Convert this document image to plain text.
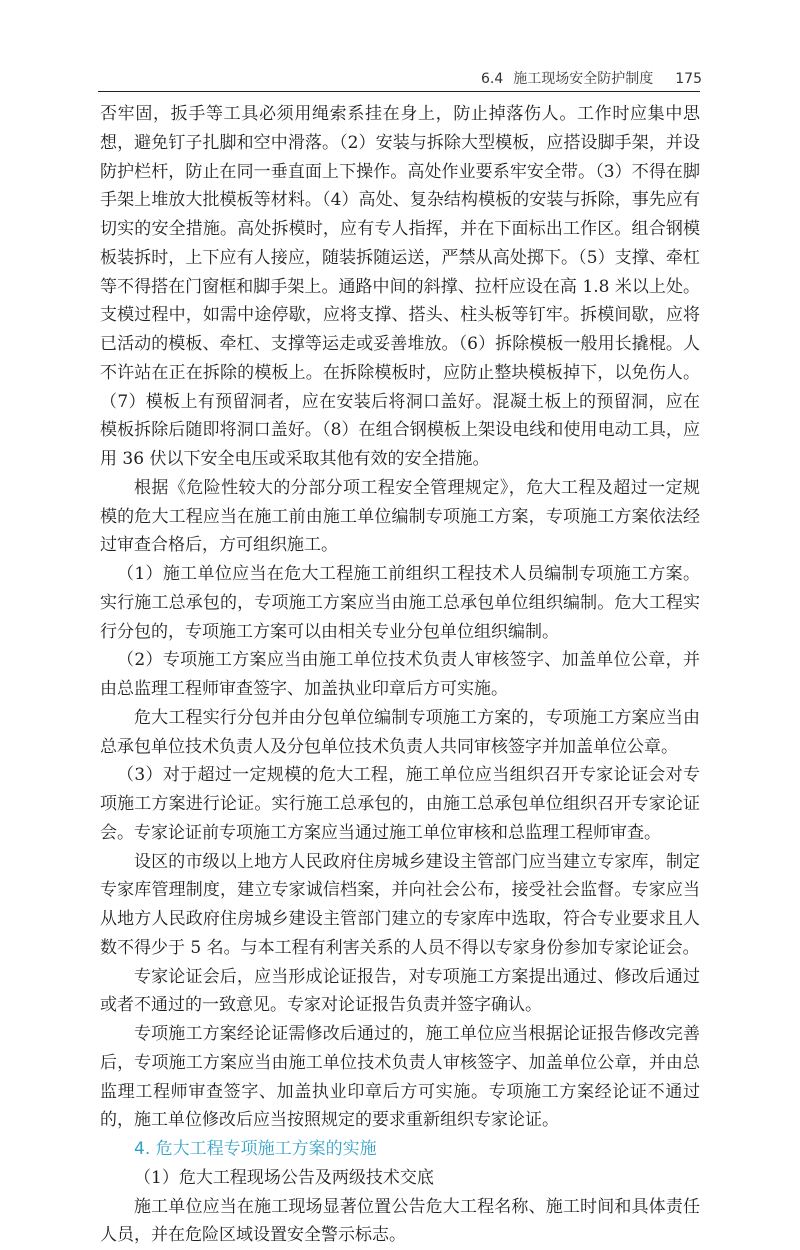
6.4 施工现场安全防护制度 175

否牢固，扳手等工具必须用绳索系挂在身上，防止掉落伤人。工作时应集中思想，避免钉子扎脚和空中滑落。（2）安装与拆除大型模板，应搭设脚手架，并设防护栏杆，防止在同一垂直面上下操作。高处作业要系牢安全带。（3）不得在脚手架上堆放大批模板等材料。（4）高处、复杂结构模板的安装与拆除，事先应有切实的安全措施。高处拆模时，应有专人指挥，并在下面标出工作区。组合钢模板装拆时，上下应有人接应，随装拆随运送，严禁从高处掷下。（5）支撑、牵杠等不得搭在门窗框和脚手架上。通路中间的斜撑、拉杆应设在高 1.8 米以上处。支模过程中，如需中途停歇，应将支撑、搭头、柱头板等钉牢。拆模间歇，应将已活动的模板、牵杠、支撑等运走或妥善堆放。（6）拆除模板一般用长撬棍。人不许站在正在拆除的模板上。在拆除模板时，应防止整块模板掉下，以免伤人。（7）模板上有预留洞者，应在安装后将洞口盖好。混凝土板上的预留洞，应在模板拆除后随即将洞口盖好。（8）在组合钢模板上架设电线和使用电动工具，应用 36 伏以下安全电压或采取其他有效的安全措施。

根据《危险性较大的分部分项工程安全管理规定》，危大工程及超过一定规模的危大工程应当在施工前由施工单位编制专项施工方案，专项施工方案依法经过审查合格后，方可组织施工。

（1）施工单位应当在危大工程施工前组织工程技术人员编制专项施工方案。实行施工总承包的，专项施工方案应当由施工总承包单位组织编制。危大工程实行分包的，专项施工方案可以由相关专业分包单位组织编制。

（2）专项施工方案应当由施工单位技术负责人审核签字、加盖单位公章，并由总监理工程师审查签字、加盖执业印章后方可实施。

危大工程实行分包并由分包单位编制专项施工方案的，专项施工方案应当由总承包单位技术负责人及分包单位技术负责人共同审核签字并加盖单位公章。

（3）对于超过一定规模的危大工程，施工单位应当组织召开专家论证会对专项施工方案进行论证。实行施工总承包的，由施工总承包单位组织召开专家论证会。专家论证前专项施工方案应当通过施工单位审核和总监理工程师审查。

设区的市级以上地方人民政府住房城乡建设主管部门应当建立专家库，制定专家库管理制度，建立专家诚信档案，并向社会公布，接受社会监督。专家应当从地方人民政府住房城乡建设主管部门建立的专家库中选取，符合专业要求且人数不得少于 5 名。与本工程有利害关系的人员不得以专家身份参加专家论证会。

专家论证会后，应当形成论证报告，对专项施工方案提出通过、修改后通过或者不通过的一致意见。专家对论证报告负责并签字确认。

专项施工方案经论证需修改后通过的，施工单位应当根据论证报告修改完善后，专项施工方案应当由施工单位技术负责人审核签字、加盖单位公章，并由总监理工程师审查签字、加盖执业印章后方可实施。专项施工方案经论证不通过的，施工单位修改后应当按照规定的要求重新组织专家论证。

4. 危大工程专项施工方案的实施

（1）危大工程现场公告及两级技术交底

施工单位应当在施工现场显著位置公告危大工程名称、施工时间和具体责任人员，并在危险区域设置安全警示标志。
